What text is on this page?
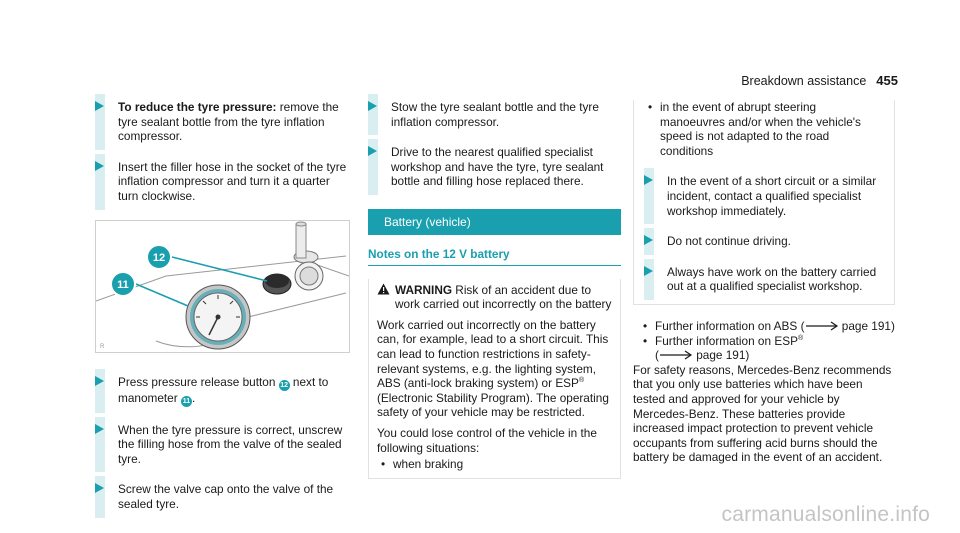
Breakdown assistance 455
To reduce the tyre pressure: remove the tyre sealant bottle from the tyre inflation compressor.
Insert the filler hose in the socket of the tyre inflation compressor and turn it a quarter turn clockwise.
12
11
R
Press pressure release button 12 next to manometer 11 .
When the tyre pressure is correct, unscrew the filling hose from the valve of the sealed tyre.
Screw the valve cap onto the valve of the sealed tyre.
Stow the tyre sealant bottle and the tyre inflation compressor.
Drive to the nearest qualified specialist workshop and have the tyre, tyre sealant bottle and filling hose replaced there.
Battery (vehicle)
Notes on the 12 V battery
WARNING Risk of an accident due to work carried out incorrectly on the battery
Work carried out incorrectly on the battery can, for example, lead to a short circuit. This can lead to function restrictions in safety-relevant systems, e.g. the lighting system, ABS (anti-lock braking system) or ESP® (Electronic Stability Program). The operating safety of your vehicle may be restricted.
You could lose control of the vehicle in the following situations:
• when braking
• in the event of abrupt steering manoeuvres and/or when the vehicle's speed is not adapted to the road conditions
In the event of a short circuit or a similar incident, contact a qualified specialist workshop immediately.
Do not continue driving.
Always have work on the battery carried out at a qualified specialist workshop.
• Further information on ABS (	page 191)
• Further information on ESP®
(	page 191)
For safety reasons, Mercedes-Benz recommends that you only use batteries which have been tested and approved for your vehicle by Mercedes-Benz. These batteries provide increased impact protection to prevent vehicle occupants from suffering acid burns should the battery be damaged in the event of an accident.
carmanualsonline.info
